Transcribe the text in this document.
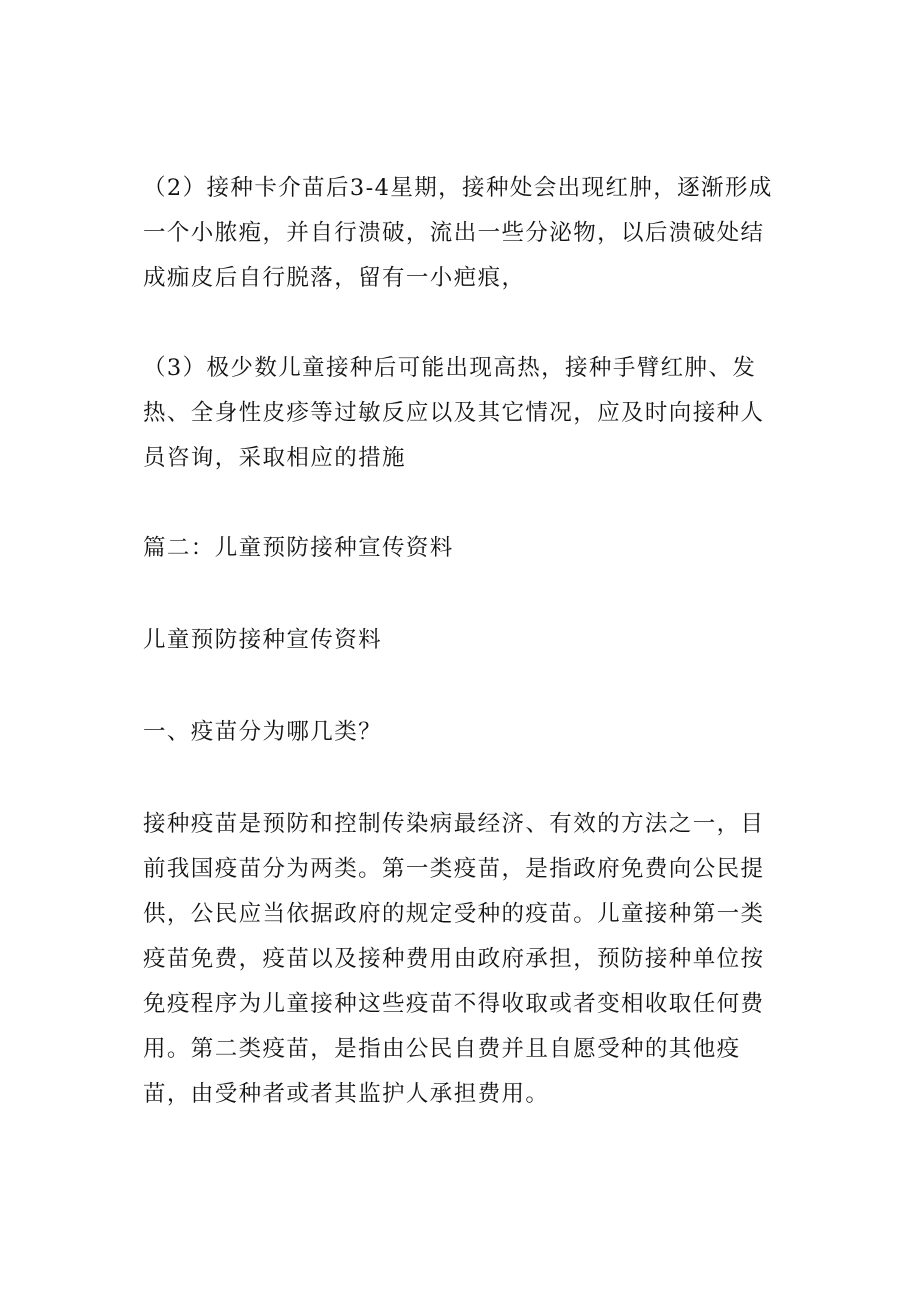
（2）接种卡介苗后3-4星期，接种处会出现红肿，逐渐形成一个小脓疱，并自行溃破，流出一些分泌物，以后溃破处结成痂皮后自行脱落，留有一小疤痕，

（3）极少数儿童接种后可能出现高热，接种手臂红肿、发热、全身性皮疹等过敏反应以及其它情况，应及时向接种人员咨询，采取相应的措施

篇二：儿童预防接种宣传资料

儿童预防接种宣传资料

一、疫苗分为哪几类？

接种疫苗是预防和控制传染病最经济、有效的方法之一，目前我国疫苗分为两类。第一类疫苗，是指政府免费向公民提供，公民应当依据政府的规定受种的疫苗。儿童接种第一类疫苗免费，疫苗以及接种费用由政府承担，预防接种单位按免疫程序为儿童接种这些疫苗不得收取或者变相收取任何费用。第二类疫苗，是指由公民自费并且自愿受种的其他疫苗，由受种者或者其监护人承担费用。
